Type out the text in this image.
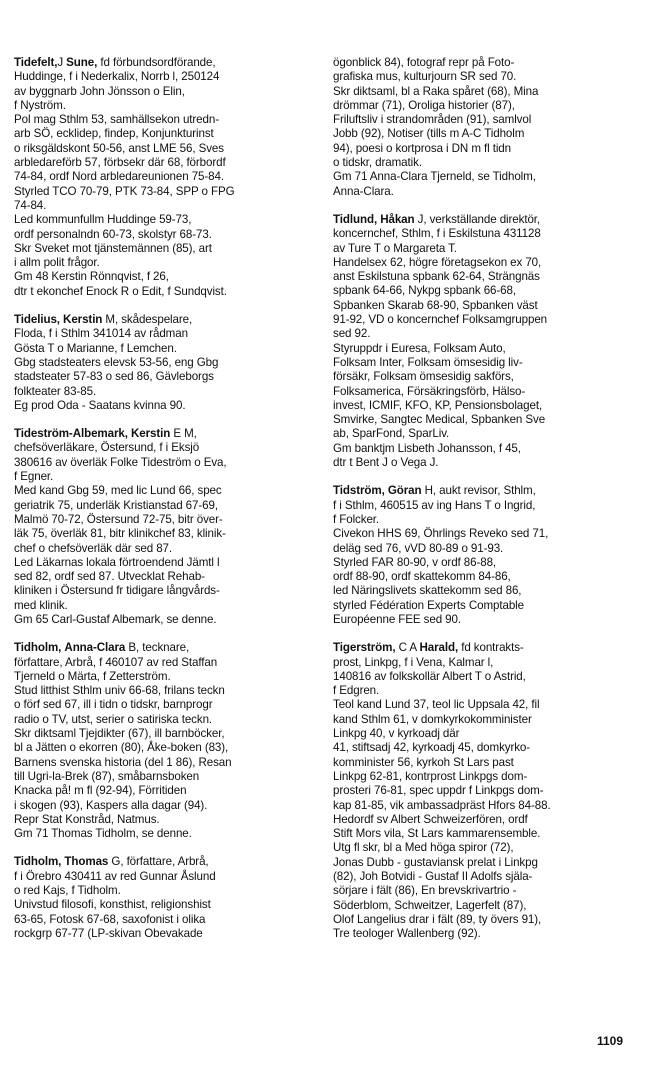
Tidefelt,J Sune, fd förbundsordförande,

Huddinge, f i Nederkalix, Norrb l, 250124

av byggnarb John Jönsson o Elin,

f Nyström.

Pol mag Sthlm 53, samhällsekon utredn-

arb SÖ, ecklidep, findep, Konjunkturinst

o riksgäldskont 50-56, anst LME 56, Sves

arbledareförb 57, förbsekr där 68, förbordf

74-84, ordf Nord arbledareunionen 75-84.

Styrled TCO 70-79, PTK 73-84, SPP o FPG

74-84.

Led kommunfullm Huddinge 59-73,

ordf personalndn 60-73, skolstyr 68-73.

Skr Sveket mot tjänstemännen (85), art

i allm polit frågor.

Gm 48 Kerstin Rönnqvist, f 26,

dtr t ekonchef Enock R o Edit, f Sundqvist.

Tidelius, Kerstin M, skådespelare,

Floda, f i Sthlm 341014 av rådman

Gösta T o Marianne, f Lemchen.

Gbg stadsteaters elevsk 53-56, eng Gbg

stadsteater 57-83 o sed 86, Gävleborgs

folkteater 83-85.

Eg prod Oda - Saatans kvinna 90.

Tideström-Albemark, Kerstin E M,

chefsöverläkare, Östersund, f i Eksjö

380616 av överläk Folke Tideström o Eva,

f Egner.

Med kand Gbg 59, med lic Lund 66, spec

geriatrik 75, underläk Kristianstad 67-69,

Malmö 70-72, Östersund 72-75, bitr över-

läk 75, överläk 81, bitr klinikchef 83, klinik-

chef o chefsöverläk där sed 87.

Led Läkarnas lokala förtroendend Jämtl l

sed 82, ordf sed 87. Utvecklat Rehab-

kliniken i Östersund fr tidigare långvårds-

med klinik.

Gm 65 Carl-Gustaf Albemark, se denne.

Tidholm, Anna-Clara B, tecknare,

författare, Arbrå, f 460107 av red Staffan

Tjerneld o Märta, f Zetterström.

Stud litthist Sthlm univ 66-68, frilans teckn

o förf sed 67, ill i tidn o tidskr, barnprogr

radio o TV, utst, serier o satiriska teckn.

Skr diktsaml Tjejdikter (67), ill barnböcker,

bl a Jätten o ekorren (80), Åke-boken (83),

Barnens svenska historia (del 1 86), Resan

till Ugri-la-Brek (87), småbarnsboken

Knacka på! m fl (92-94), Förritiden

i skogen (93), Kaspers alla dagar (94).

Repr Stat Konstråd, Natmus.

Gm 71 Thomas Tidholm, se denne.

Tidholm, Thomas G, författare, Arbrå,

f i Örebro 430411 av red Gunnar Åslund

o red Kajs, f Tidholm.

Univstud filosofi, konsthist, religionshist

63-65, Fotosk 67-68, saxofonist i olika

rockgrp 67-77 (LP-skivan Obevakade

ögonblick 84), fotograf repr på Foto-

grafiska mus, kulturjourn SR sed 70.

Skr diktsaml, bl a Raka spåret (68), Mina

drömmar (71), Oroliga historier (87),

Friluftsliv i strandområden (91), samlvol

Jobb (92), Notiser (tills m A-C Tidholm

94), poesi o kortprosa i DN m fl tidn

o tidskr, dramatik.

Gm 71 Anna-Clara Tjerneld, se Tidholm,

Anna-Clara.

Tidlund, Håkan J, verkställande direktör,

koncernchef, Sthlm, f i Eskilstuna 431128

av Ture T o Margareta T.

Handelsex 62, högre företagsekon ex 70,

anst Eskilstuna spbank 62-64, Strängnäs

spbank 64-66, Nykpg spbank 66-68,

Spbanken Skarab 68-90, Spbanken väst

91-92, VD o koncernchef Folksamgruppen

sed 92.

Styruppdr i Euresa, Folksam Auto,

Folksam Inter, Folksam ömsesidig liv-

försäkr, Folksam ömsesidig sakförs,

Folksamerica, Försäkringsförb, Hälso-

invest, ICMIF, KFO, KP, Pensionsbolaget,

Smvirke, Sangtec Medical, Spbanken Sve

ab, SparFond, SparLiv.

Gm banktjm Lisbeth Johansson, f 45,

dtr t Bent J o Vega J.

Tidström, Göran H, aukt revisor, Sthlm,

f i Sthlm, 460515 av ing Hans T o Ingrid,

f Folcker.

Civekon HHS 69, Öhrlings Reveko sed 71,

deläg sed 76, vVD 80-89 o 91-93.

Styrled FAR 80-90, v ordf 86-88,

ordf 88-90, ordf skattekomm 84-86,

led Näringslivets skattekomm sed 86,

styrled Fédération Experts Comptable

Européenne FEE sed 90.

Tigerström, C A Harald, fd kontrakts-

prost, Linkpg, f i Vena, Kalmar l,

140816 av folkskollär Albert T o Astrid,

f Edgren.

Teol kand Lund 37, teol lic Uppsala 42, fil

kand Sthlm 61, v domkyrkokomminister

Linkpg 40, v kyrkoadj där

41, stiftsadj 42, kyrkoadj 45, domkyrko-

komminister 56, kyrkoh St Lars past

Linkpg 62-81, kontrprost Linkpgs dom-

prosteri 76-81, spec uppdr f Linkpgs dom-

kap 81-85, vik ambassadpräst Hfors 84-88.

Hedordf sv Albert Schweizerfören, ordf

Stift Mors vila, St Lars kammarensemble.

Utg fl skr, bl a Med höga spiror (72),

Jonas Dubb - gustaviansk prelat i Linkpg

(82), Joh Botvidi - Gustaf II Adolfs själa-

sörjare i fält (86), En brevskrivartrio -

Söderblom, Schweitzer, Lagerfelt (87),

Olof Langelius drar i fält (89, ty övers 91),

Tre teologer Wallenberg (92).

1109
